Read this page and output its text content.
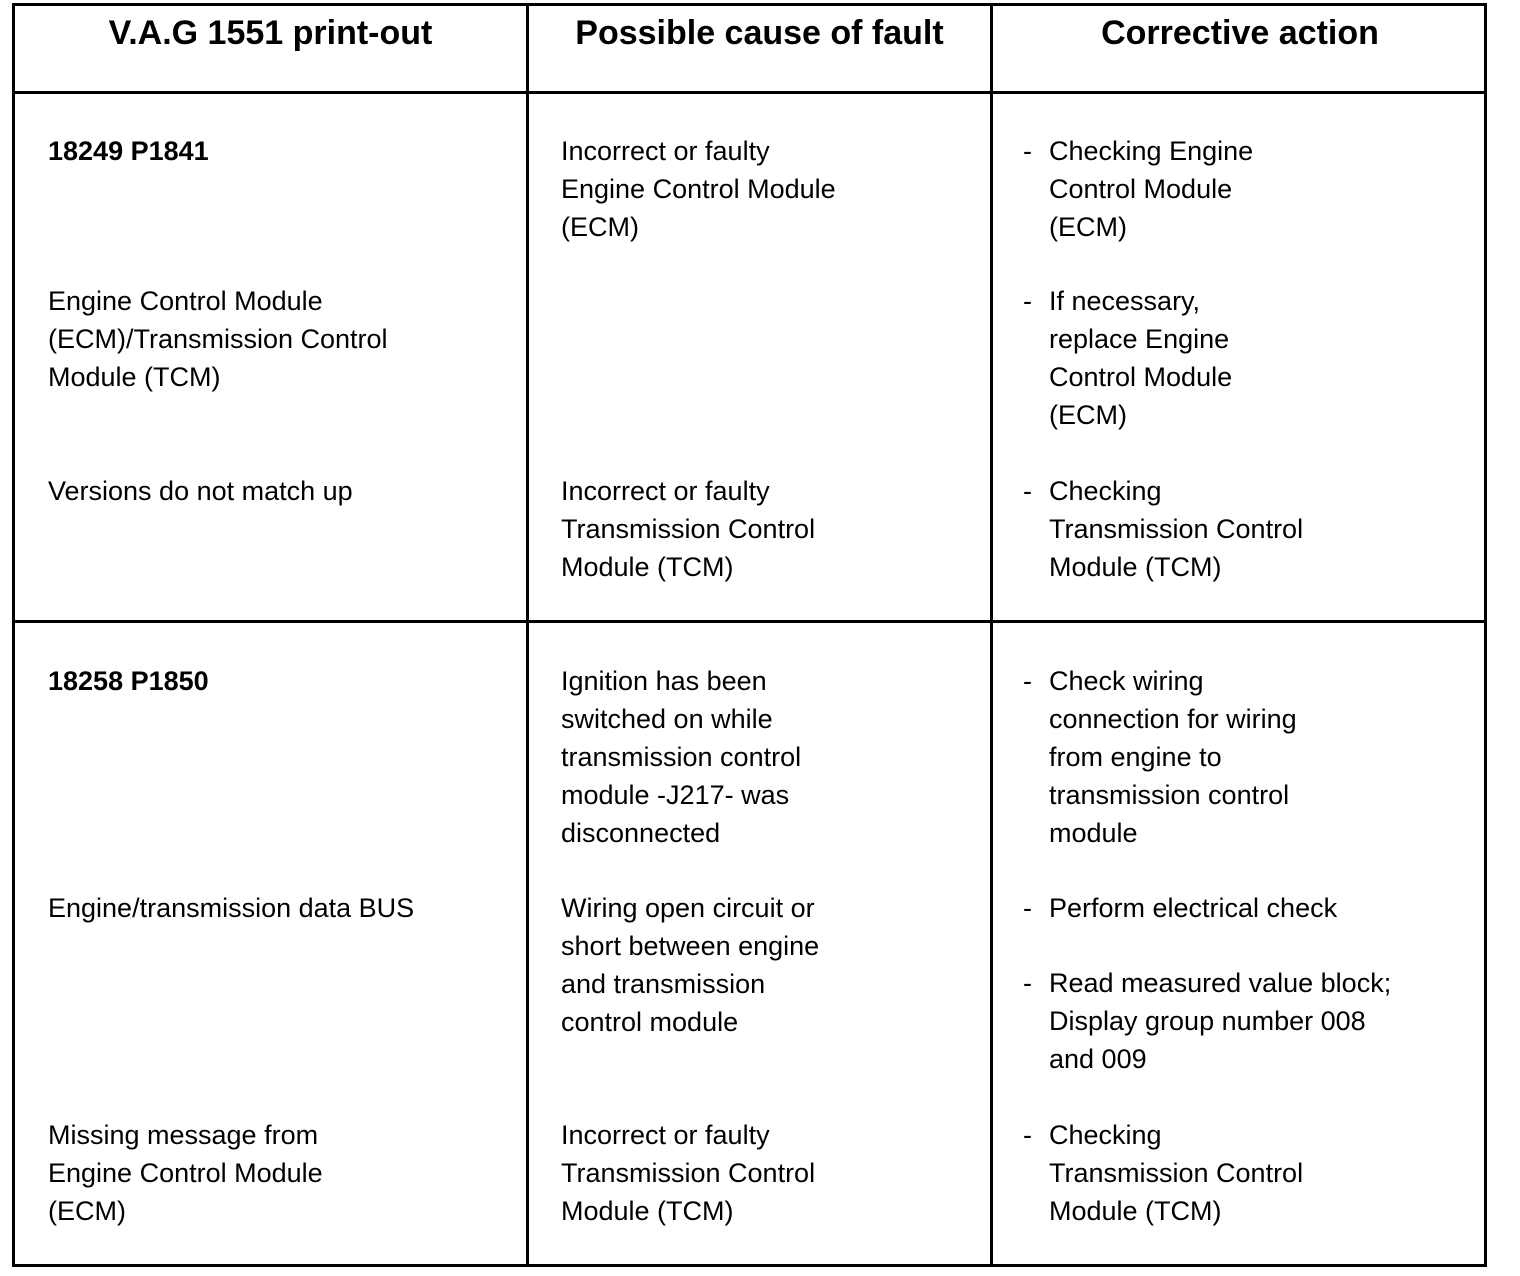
V.A.G 1551 print-out	Possible cause of fault	Corrective action
18249 P1841
Engine Control Module
(ECM)/Transmission Control
Module (TCM)
Versions do not match up
Incorrect or faulty
Engine Control Module
(ECM)
Incorrect or faulty
Transmission Control
Module (TCM)
- Checking Engine
Control Module
(ECM)
- If necessary,
replace Engine
Control Module
(ECM)
- Checking
Transmission Control
Module (TCM)
18258 P1850
Engine/transmission data BUS
Missing message from
Engine Control Module
(ECM)
Ignition has been
switched on while
transmission control
module -J217- was
disconnected
Wiring open circuit or
short between engine
and transmission
control module
Incorrect or faulty
Transmission Control
Module (TCM)
- Check wiring
connection for wiring
from engine to
transmission control
module
- Perform electrical check
- Read measured value block;
Display group number 008
and 009
- Checking
Transmission Control
Module (TCM)
